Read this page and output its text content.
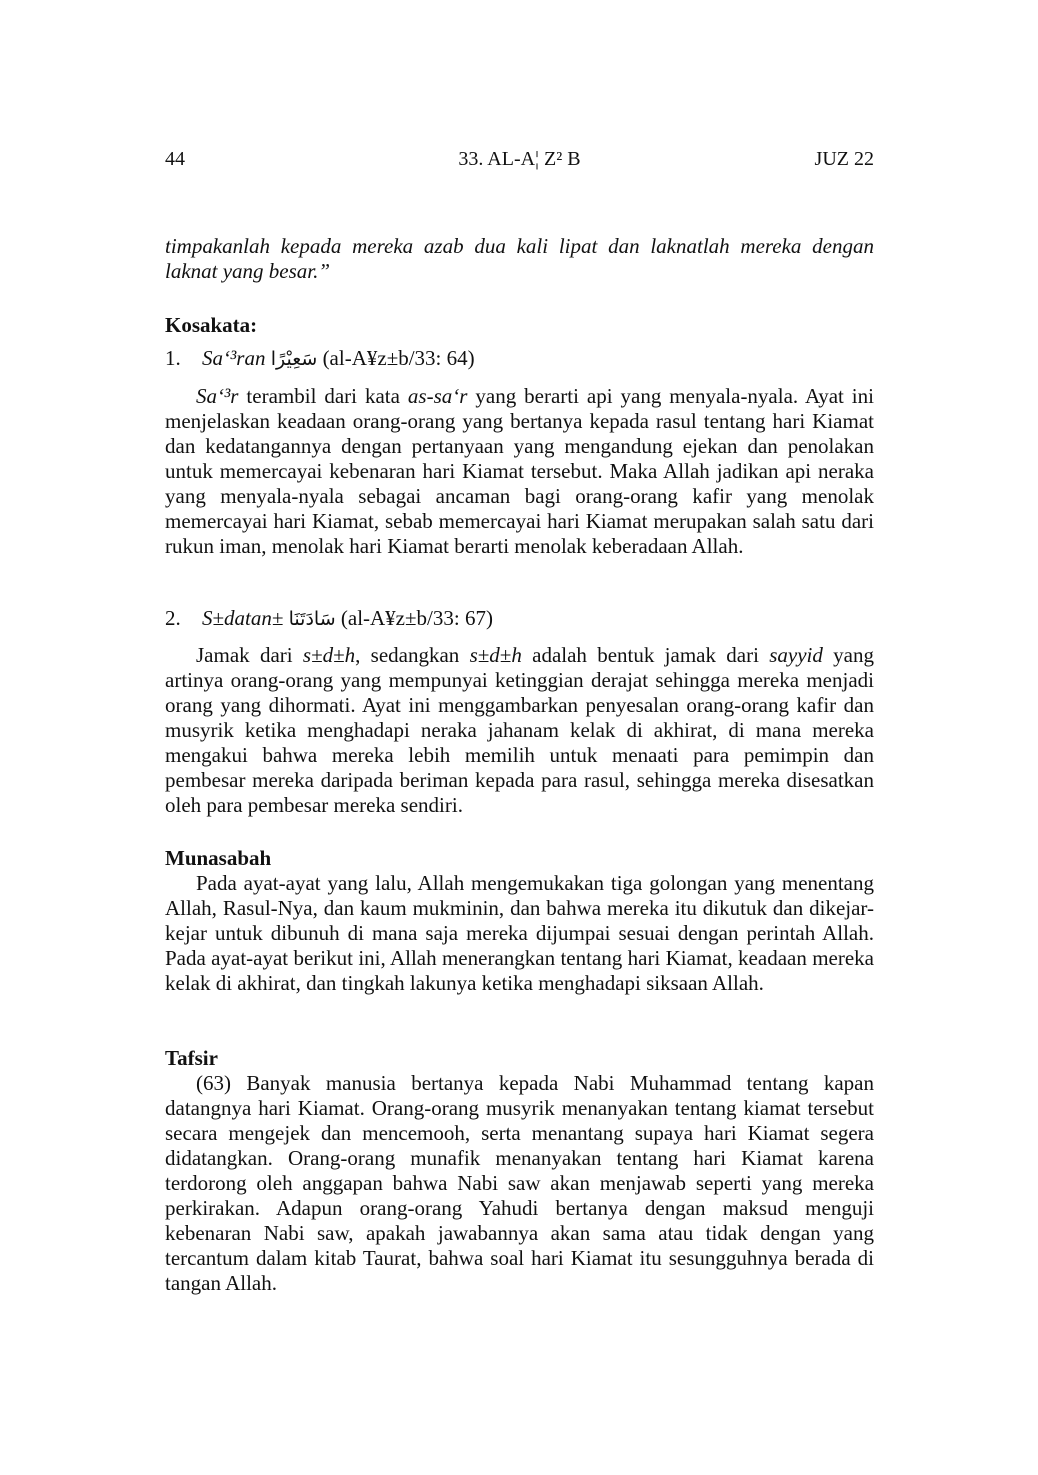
44	33. AL-A¦ Z² B	JUZ 22

timpakanlah kepada mereka azab dua kali lipat dan laknatlah mereka dengan laknat yang besar.”

Kosakata:

1. Sa‘³ran سَعِيْرًا (al-A¥z±b/33: 64)

Sa‘³r terambil dari kata as-sa‘r yang berarti api yang menyala-nyala. Ayat ini menjelaskan keadaan orang-orang yang bertanya kepada rasul tentang hari Kiamat dan kedatangannya dengan pertanyaan yang mengandung ejekan dan penolakan untuk memercayai kebenaran hari Kiamat tersebut. Maka Allah jadikan api neraka yang menyala-nyala sebagai ancaman bagi orang-orang kafir yang menolak memercayai hari Kiamat, sebab memercayai hari Kiamat merupakan salah satu dari rukun iman, menolak hari Kiamat berarti menolak keberadaan Allah.

2. S±datan± سَادَتَنَا (al-A¥z±b/33: 67)

Jamak dari s±d±h, sedangkan s±d±h adalah bentuk jamak dari sayyid yang artinya orang-orang yang mempunyai ketinggian derajat sehingga mereka menjadi orang yang dihormati. Ayat ini menggambarkan penyesalan orang-orang kafir dan musyrik ketika menghadapi neraka jahanam kelak di akhirat, di mana mereka mengakui bahwa mereka lebih memilih untuk menaati para pemimpin dan pembesar mereka daripada beriman kepada para rasul, sehingga mereka disesatkan oleh para pembesar mereka sendiri.

Munasabah

Pada ayat-ayat yang lalu, Allah mengemukakan tiga golongan yang menentang Allah, Rasul-Nya, dan kaum mukminin, dan bahwa mereka itu dikutuk dan dikejar-kejar untuk dibunuh di mana saja mereka dijumpai sesuai dengan perintah Allah. Pada ayat-ayat berikut ini, Allah menerangkan tentang hari Kiamat, keadaan mereka kelak di akhirat, dan tingkah lakunya ketika menghadapi siksaan Allah.

Tafsir

(63) Banyak manusia bertanya kepada Nabi Muhammad tentang kapan datangnya hari Kiamat. Orang-orang musyrik menanyakan tentang kiamat tersebut secara mengejek dan mencemooh, serta menantang supaya hari Kiamat segera didatangkan. Orang-orang munafik menanyakan tentang hari Kiamat karena terdorong oleh anggapan bahwa Nabi saw akan menjawab seperti yang mereka perkirakan. Adapun orang-orang Yahudi bertanya dengan maksud menguji kebenaran Nabi saw, apakah jawabannya akan sama atau tidak dengan yang tercantum dalam kitab Taurat, bahwa soal hari Kiamat itu sesungguhnya berada di tangan Allah.
